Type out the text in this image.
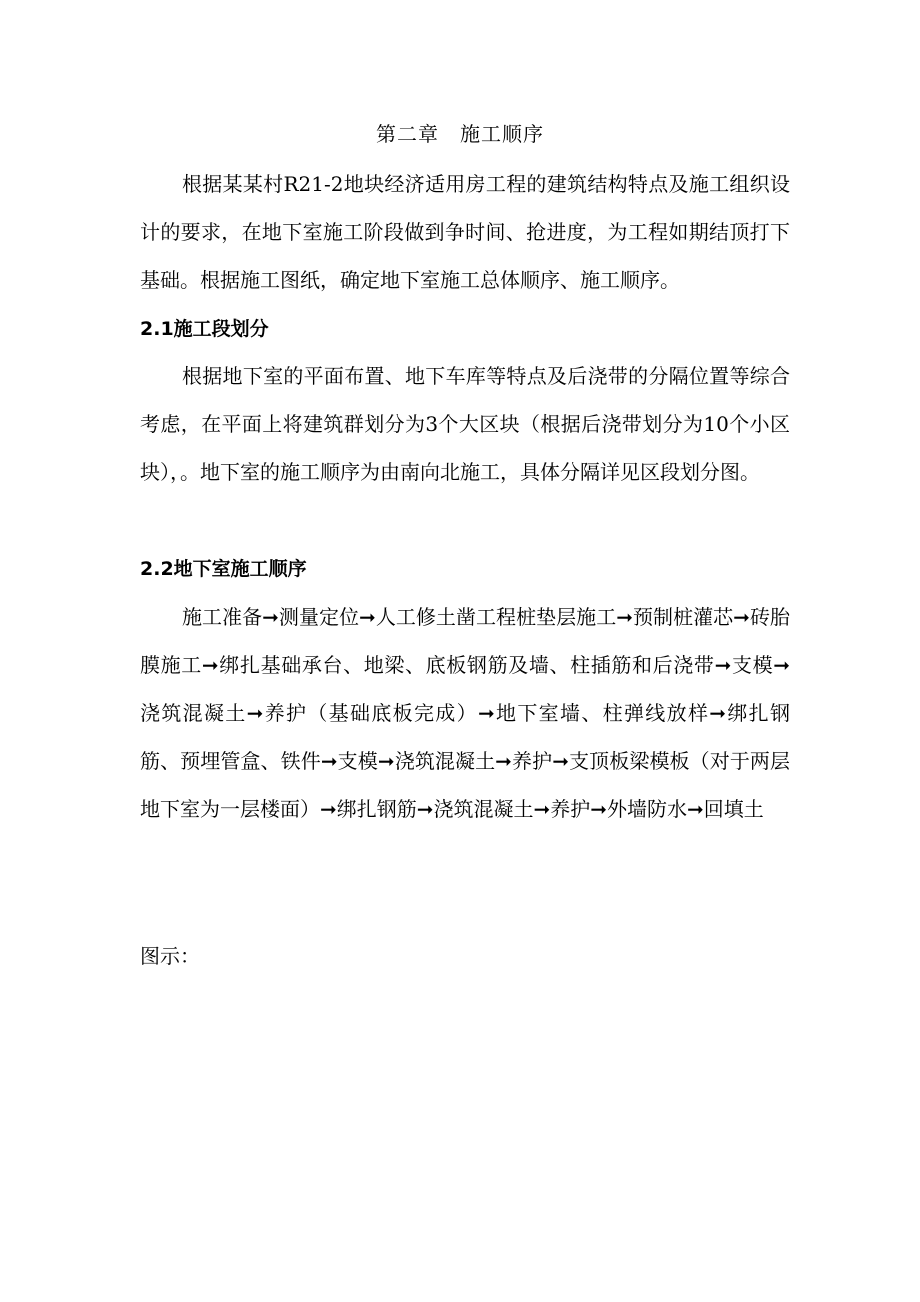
第二章　施工顺序

根据某某村R21-2地块经济适用房工程的建筑结构特点及施工组织设计的要求，在地下室施工阶段做到争时间、抢进度，为工程如期结顶打下基础。根据施工图纸，确定地下室施工总体顺序、施工顺序。

2.1施工段划分

根据地下室的平面布置、地下车库等特点及后浇带的分隔位置等综合考虑，在平面上将建筑群划分为3个大区块（根据后浇带划分为10个小区块），。地下室的施工顺序为由南向北施工，具体分隔详见区段划分图。

2.2地下室施工顺序

施工准备➞测量定位➞人工修土凿工程桩垫层施工➞预制桩灌芯➞砖胎膜施工➞绑扎基础承台、地梁、底板钢筋及墙、柱插筋和后浇带➞支模➞浇筑混凝土➞养护（基础底板完成）➞地下室墙、柱弹线放样➞绑扎钢筋、预埋管盒、铁件➞支模➞浇筑混凝土➞养护➞支顶板梁模板（对于两层地下室为一层楼面）➞绑扎钢筋➞浇筑混凝土➞养护➞外墙防水➞回填土

图示：
